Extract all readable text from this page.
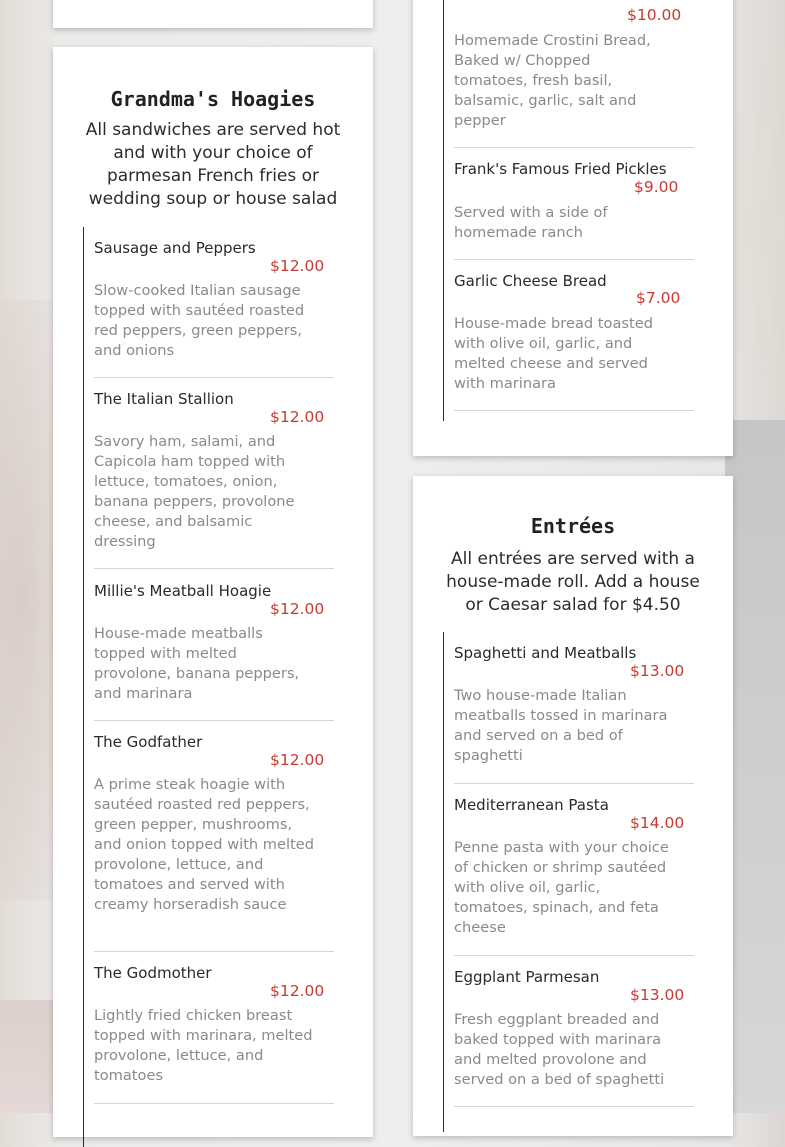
Grandma's Hoagies
All sandwiches are served hot and with your choice of parmesan French fries or wedding soup or house salad
Sausage and Peppers
$12.00
Slow-cooked Italian sausage topped with sautéed roasted red peppers, green peppers, and onions
The Italian Stallion
$12.00
Savory ham, salami, and Capicola ham topped with lettuce, tomatoes, onion, banana peppers, provolone cheese, and balsamic dressing
Millie's Meatball Hoagie
$12.00
House-made meatballs topped with melted provolone, banana peppers, and marinara
The Godfather
$12.00
A prime steak hoagie with sautéed roasted red peppers, green pepper, mushrooms, and onion topped with melted provolone, lettuce, and tomatoes and served with creamy horseradish sauce
The Godmother
$12.00
Lightly fried chicken breast topped with marinara, melted provolone, lettuce, and tomatoes
$10.00
Homemade Crostini Bread, Baked w/ Chopped tomatoes, fresh basil, balsamic, garlic, salt and pepper
Frank's Famous Fried Pickles
$9.00
Served with a side of homemade ranch
Garlic Cheese Bread
$7.00
House-made bread toasted with olive oil, garlic, and melted cheese and served with marinara
Entrées
All entrées are served with a house-made roll. Add a house or Caesar salad for $4.50
Spaghetti and Meatballs
$13.00
Two house-made Italian meatballs tossed in marinara and served on a bed of spaghetti
Mediterranean Pasta
$14.00
Penne pasta with your choice of chicken or shrimp sautéed with olive oil, garlic, tomatoes, spinach, and feta cheese
Eggplant Parmesan
$13.00
Fresh eggplant breaded and baked topped with marinara and melted provolone and served on a bed of spaghetti
